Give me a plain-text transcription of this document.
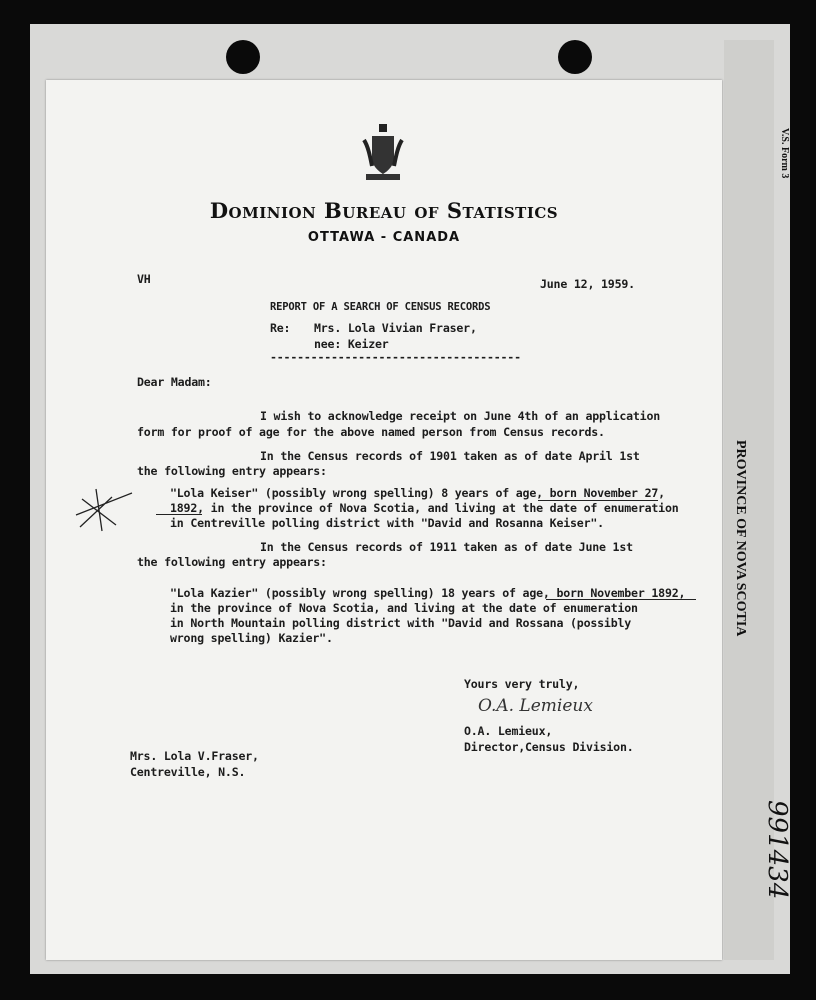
V.S. Form 3
PROVINCE OF NOVA SCOTIA
991434
Dominion Bureau of Statistics
OTTAWA - CANADA
VH	June 12, 1959.
REPORT OF A SEARCH OF CENSUS RECORDS
Re: Mrs. Lola Vivian Fraser,
nee: Keizer
-------------------------------------
Dear Madam:
I wish to acknowledge receipt on June 4th of an application
form for proof of age for the above named person from Census records.
In the Census records of 1901 taken as of date April 1st
the following entry appears:
"Lola Keiser" (possibly wrong spelling) 8 years of age, born November 27,
1892, in the province of Nova Scotia, and living at the date of enumeration
in Centreville polling district with "David and Rosanna Keiser".
In the Census records of 1911 taken as of date June 1st
the following entry appears:
"Lola Kazier" (possibly wrong spelling) 18 years of age, born November 1892,
in the province of Nova Scotia, and living at the date of enumeration
in North Mountain polling district with "David and Rossana (possibly
wrong spelling) Kazier".
Yours very truly,
O.A. Lemieux
O.A. Lemieux,
Director,Census Division.
Mrs. Lola V.Fraser,
Centreville, N.S.
